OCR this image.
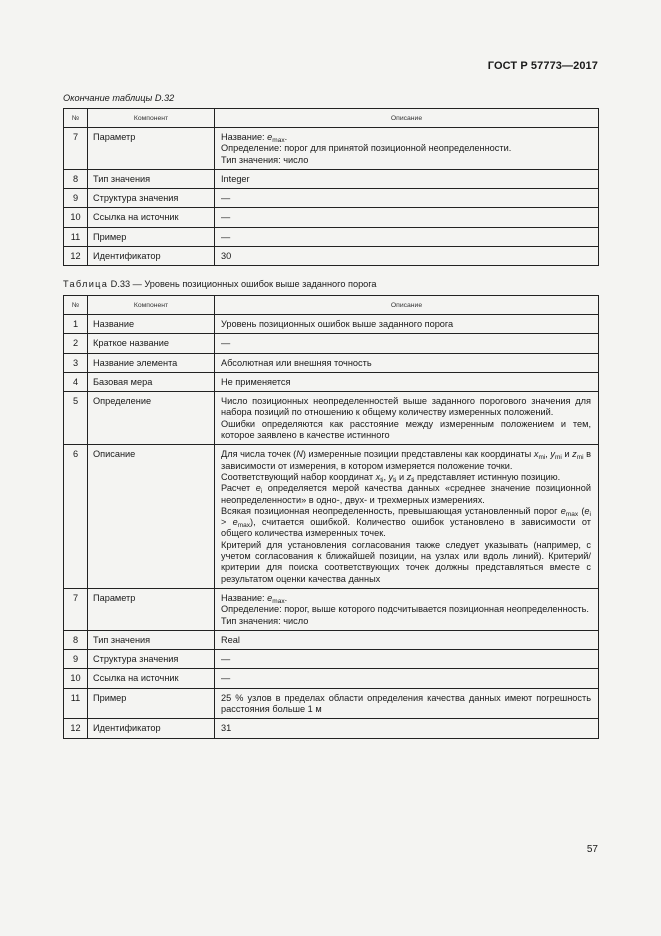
ГОСТ Р 57773—2017
Окончание таблицы D.32
№	Компонент	Описание
7	Параметр	Название: $e_{max}$.

Определение: порог для принятой позиционной неопределенности.

Тип значения: число

8	Тип значения	Integer
9	Структура значения	—
10	Ссылка на источник	—
11	Пример	—
12	Идентификатор	30
Таблица D.33 — Уровень позиционных ошибок выше заданного порога
№	Компонент	Описание
1	Название	Уровень позиционных ошибок выше заданного порога
2	Краткое название	—
3	Название элемента	Абсолютная или внешняя точность
4	Базовая мера	Не применяется
5	Определение	Число позиционных неопределенностей выше заданного порогового значения для набора позиций по отношению к общему количеству измеренных положений.

Ошибки определяются как расстояние между измеренным положением и тем, которое заявлено в качестве истинного

6	Описание	Для числа точек (N) измеренные позиции представлены как координаты $x_{mi}$, $y_{mi}$ и $z_{mi}$ в зависимости от измерения, в котором измеряется положение точки.

Соответствующий набор координат $x_{ti}$, $y_{ti}$ и $z_{ti}$ представляет истинную позицию.

Расчет $e_i$ определяется мерой качества данных «среднее значение позиционной неопределенности» в одно-, двух- и трехмерных измерениях.

Всякая позиционная неопределенность, превышающая установленный порог $e_{max}$ $(e_i > e_{max})$, считается ошибкой. Количество ошибок установлено в зависимости от общего количества измеренных точек.

Критерий для установления согласования также следует указывать (например, с учетом согласования к ближайшей позиции, на узлах или вдоль линий). Критерий/критерии для поиска соответствующих точек должны представляться вместе с результатом оценки качества данных

7	Параметр	Название: $e_{max}$.

Определение: порог, выше которого подсчитывается позиционная неопределенность.

Тип значения: число

8	Тип значения	Real
9	Структура значения	—
10	Ссылка на источник	—
11	Пример	25 % узлов в пределах области определения качества данных имеют погрешность расстояния больше 1 м

12	Идентификатор	31
57
